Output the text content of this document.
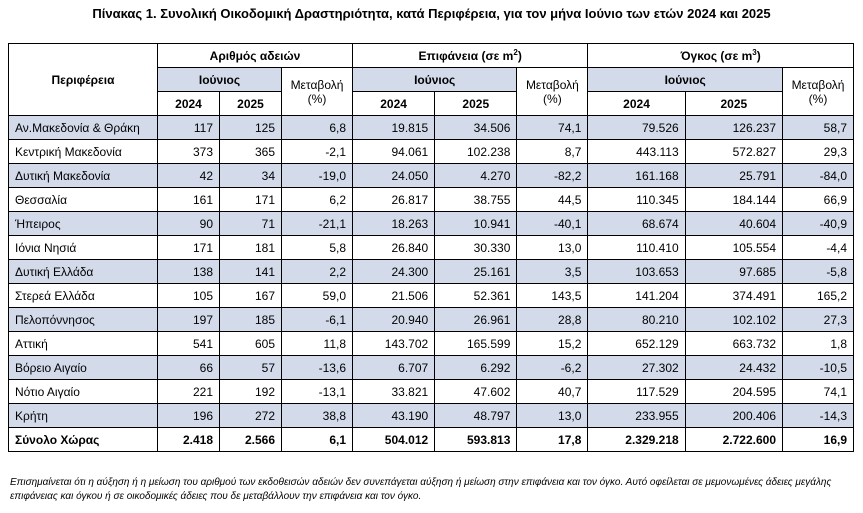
Πίνακας 1. Συνολική Οικοδομική Δραστηριότητα, κατά Περιφέρεια, για τον μήνα Ιούνιο των ετών 2024 και 2025
Περιφέρεια	Αριθμός αδειών			Επιφάνεια (σε $m^2$)			Όγκος (σε $m^3$)		
	Ιούνιος		Μεταβολή (%)	Ιούνιος		Μεταβολή (%)	Ιούνιος		Μεταβολή (%)
	2024	2025		2024	2025		2024	2025	
Αν.Μακεδονία & Θράκη	117	125	6,8	19.815	34.506	74,1	79.526	126.237	58,7
Κεντρική Μακεδονία	373	365	-2,1	94.061	102.238	8,7	443.113	572.827	29,3
Δυτική Μακεδονία	42	34	-19,0	24.050	4.270	-82,2	161.168	25.791	-84,0
Θεσσαλία	161	171	6,2	26.817	38.755	44,5	110.345	184.144	66,9
Ήπειρος	90	71	-21,1	18.263	10.941	-40,1	68.674	40.604	-40,9
Ιόνια Νησιά	171	181	5,8	26.840	30.330	13,0	110.410	105.554	-4,4
Δυτική Ελλάδα	138	141	2,2	24.300	25.161	3,5	103.653	97.685	-5,8
Στερεά Ελλάδα	105	167	59,0	21.506	52.361	143,5	141.204	374.491	165,2
Πελοπόννησος	197	185	-6,1	20.940	26.961	28,8	80.210	102.102	27,3
Αττική	541	605	11,8	143.702	165.599	15,2	652.129	663.732	1,8
Βόρειο Αιγαίο	66	57	-13,6	6.707	6.292	-6,2	27.302	24.432	-10,5
Νότιο Αιγαίο	221	192	-13,1	33.821	47.602	40,7	117.529	204.595	74,1
Κρήτη	196	272	38,8	43.190	48.797	13,0	233.955	200.406	-14,3
Σύνολο Χώρας	2.418	2.566	6,1	504.012	593.813	17,8	2.329.218	2.722.600	16,9
Επισημαίνεται ότι η αύξηση ή η μείωση του αριθμού των εκδοθεισών αδειών δεν συνεπάγεται αύξηση ή μείωση στην επιφάνεια και τον όγκο. Αυτό οφείλεται σε μεμονωμένες άδειες μεγάλης επιφάνειας και όγκου ή σε οικοδομικές άδειες που δε μεταβάλλουν την επιφάνεια και τον όγκο.
